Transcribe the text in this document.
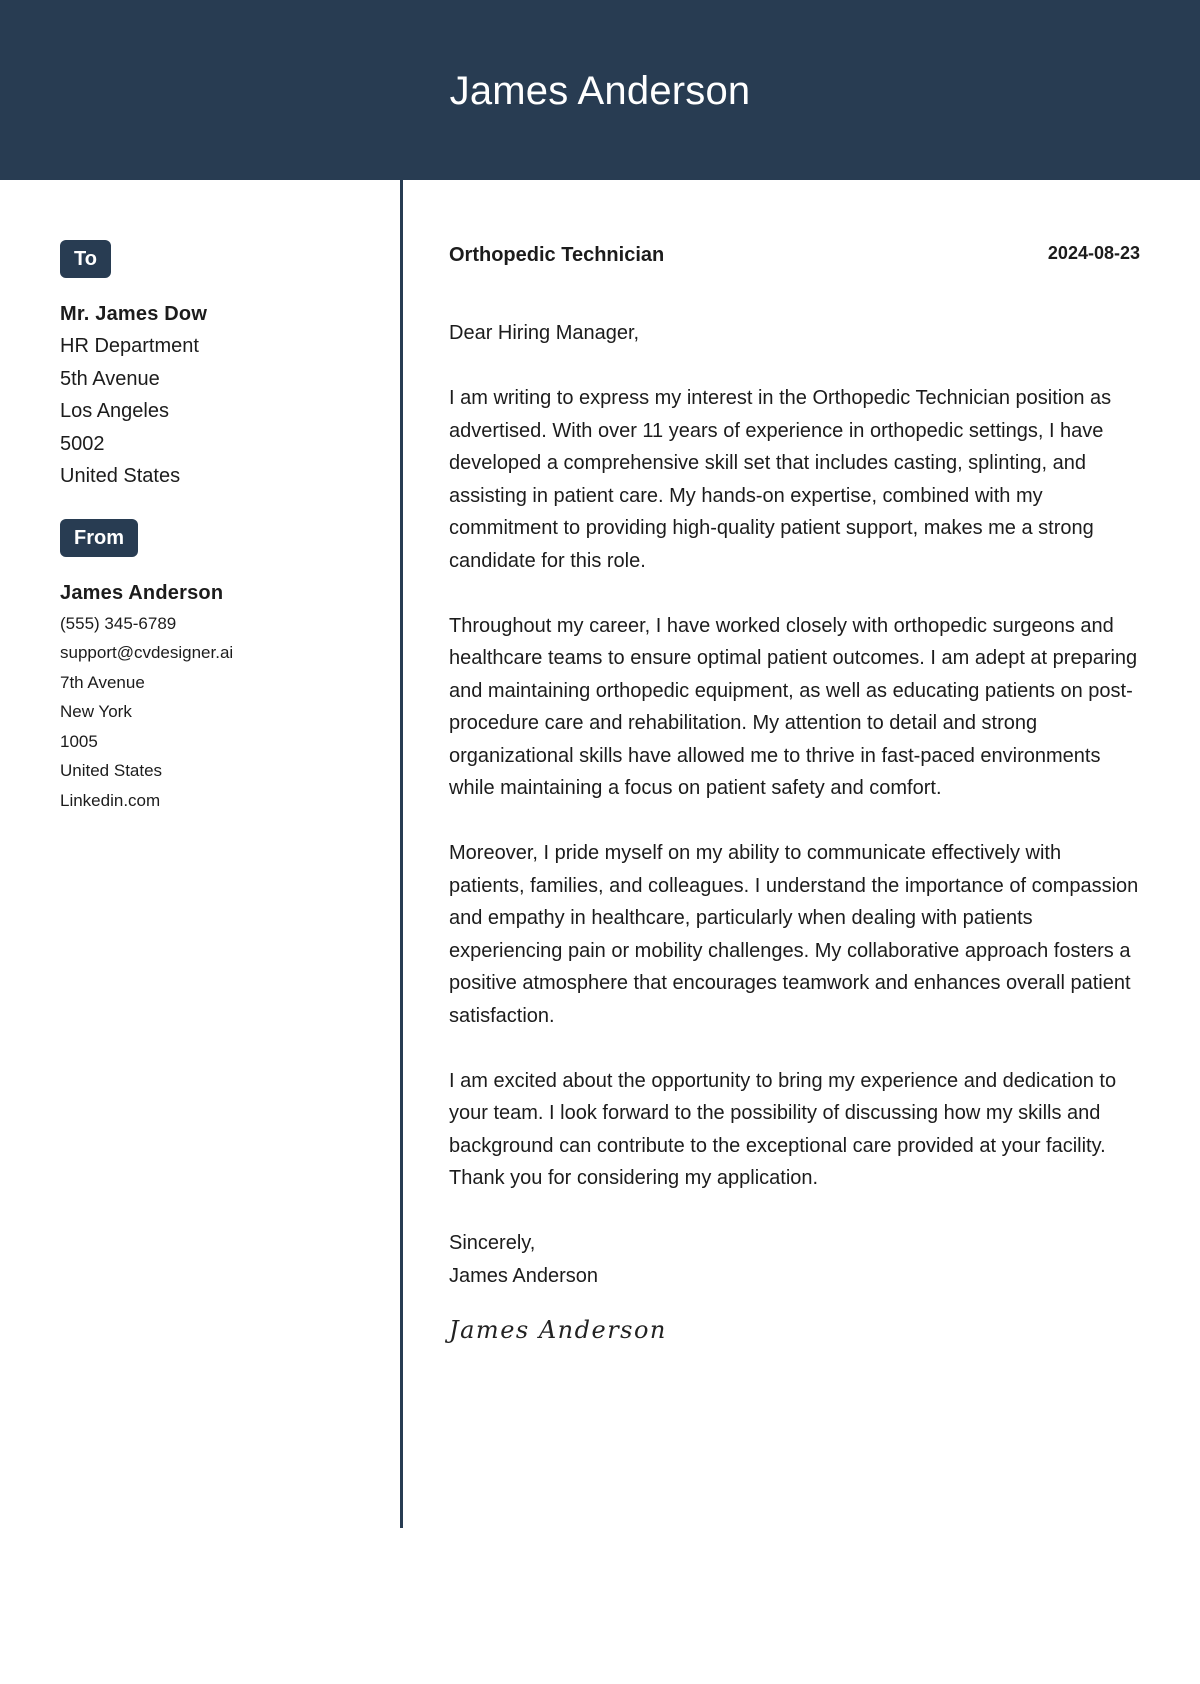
James Anderson
To
Mr. James Dow
HR Department
5th Avenue
Los Angeles
5002
United States
From
James Anderson
(555) 345-6789
support@cvdesigner.ai
7th Avenue
New York
1005
United States
Linkedin.com
Orthopedic Technician	2024-08-23

Dear Hiring Manager,

I am writing to express my interest in the Orthopedic Technician position as advertised. With over 11 years of experience in orthopedic settings, I have developed a comprehensive skill set that includes casting, splinting, and assisting in patient care. My hands-on expertise, combined with my commitment to providing high-quality patient support, makes me a strong candidate for this role.

Throughout my career, I have worked closely with orthopedic surgeons and healthcare teams to ensure optimal patient outcomes. I am adept at preparing and maintaining orthopedic equipment, as well as educating patients on post-procedure care and rehabilitation. My attention to detail and strong organizational skills have allowed me to thrive in fast-paced environments while maintaining a focus on patient safety and comfort.

Moreover, I pride myself on my ability to communicate effectively with patients, families, and colleagues. I understand the importance of compassion and empathy in healthcare, particularly when dealing with patients experiencing pain or mobility challenges. My collaborative approach fosters a positive atmosphere that encourages teamwork and enhances overall patient satisfaction.

I am excited about the opportunity to bring my experience and dedication to your team. I look forward to the possibility of discussing how my skills and background can contribute to the exceptional care provided at your facility. Thank you for considering my application.

Sincerely,
James Anderson
James Anderson
